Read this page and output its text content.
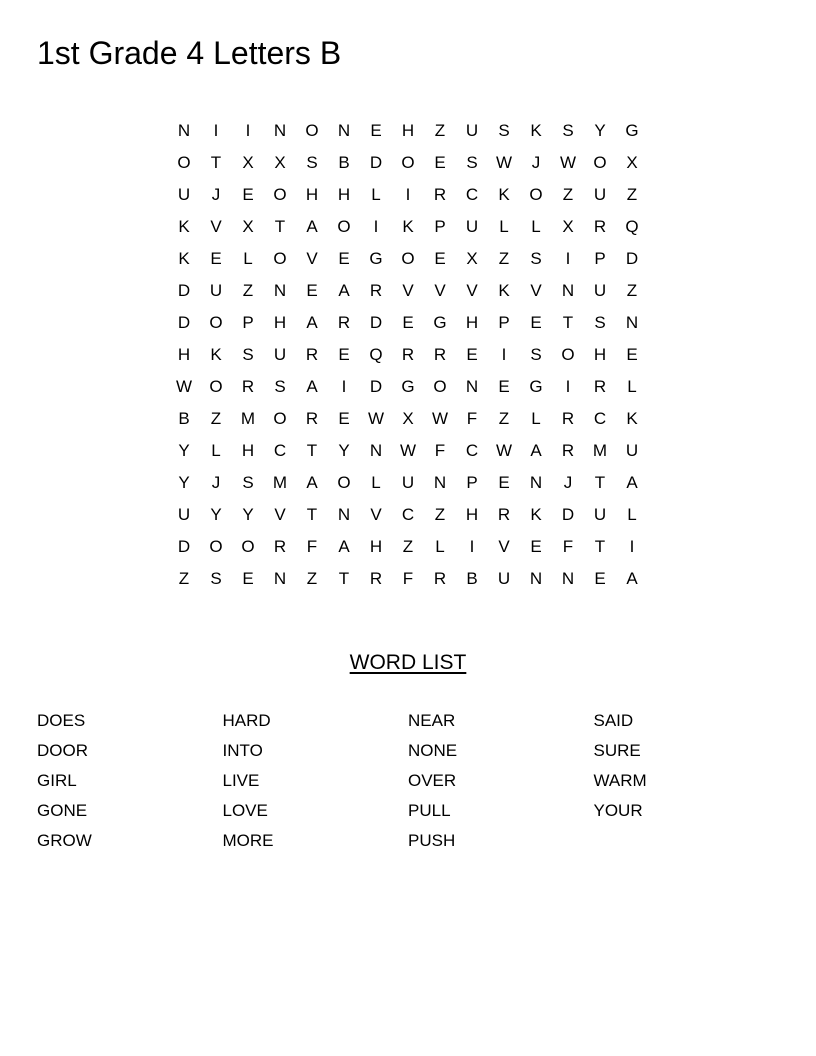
1st Grade 4 Letters B
N	I	I	N	O	N	E	H	Z	U	S	K	S	Y	G
O	T	X	X	S	B	D	O	E	S	W	J	W	O	X
U	J	E	O	H	H	L	I	R	C	K	O	Z	U	Z
K	V	X	T	A	O	I	K	P	U	L	L	X	R	Q
K	E	L	O	V	E	G	O	E	X	Z	S	I	P	D
D	U	Z	N	E	A	R	V	V	V	K	V	N	U	Z
D	O	P	H	A	R	D	E	G	H	P	E	T	S	N
H	K	S	U	R	E	Q	R	R	E	I	S	O	H	E
W	O	R	S	A	I	D	G	O	N	E	G	I	R	L
B	Z	M	O	R	E	W	X	W	F	Z	L	R	C	K
Y	L	H	C	T	Y	N	W	F	C	W	A	R	M	U
Y	J	S	M	A	O	L	U	N	P	E	N	J	T	A
U	Y	Y	V	T	N	V	C	Z	H	R	K	D	U	L
D	O	O	R	F	A	H	Z	L	I	V	E	F	T	I
Z	S	E	N	Z	T	R	F	R	B	U	N	N	E	A
WORD LIST
DOES
DOOR
GIRL
GONE
GROW
HARD
INTO
LIVE
LOVE
MORE
NEAR
NONE
OVER
PULL
PUSH
SAID
SURE
WARM
YOUR
